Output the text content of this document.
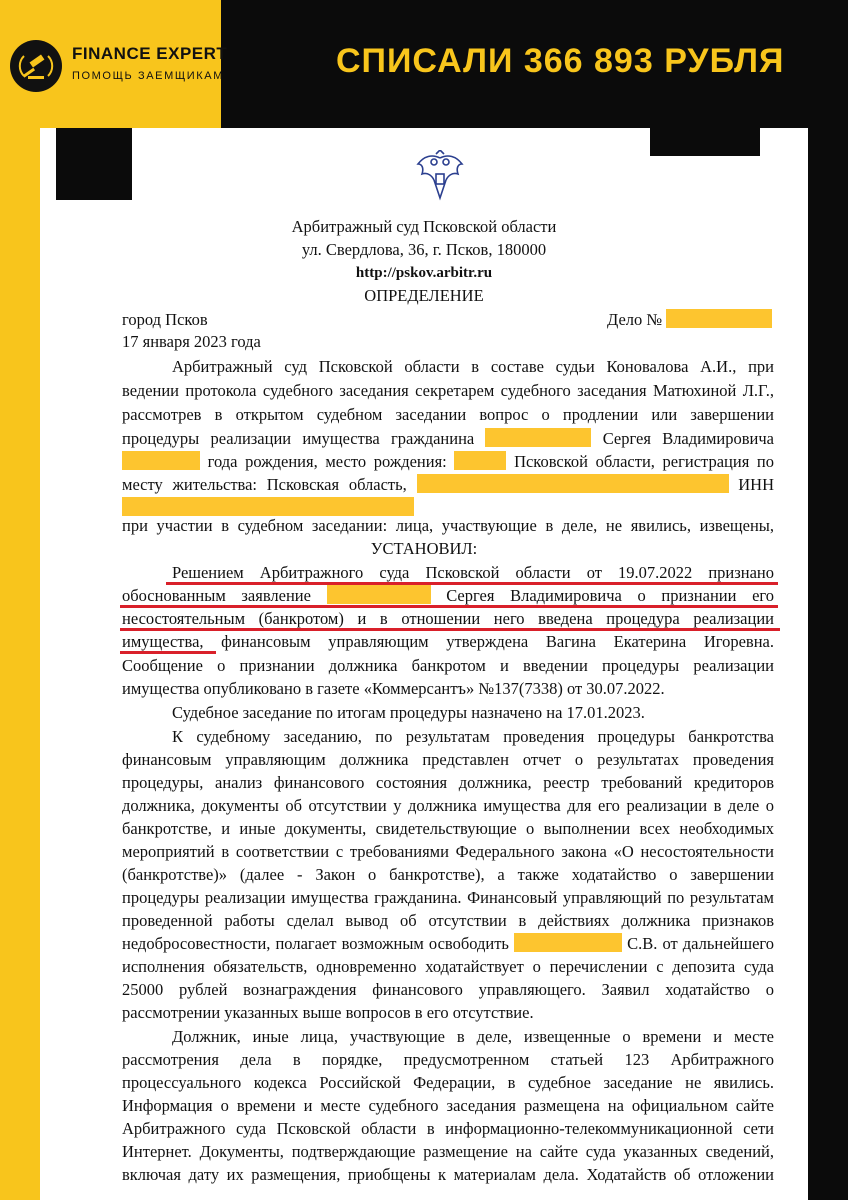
FINANCE EXPERT
ПОМОЩЬ ЗАЕМЩИКАМ	СПИСАЛИ 366 893 РУБЛЯ
Арбитражный суд Псковской области
ул. Свердлова, 36, г. Псков, 180000
http://pskov.arbitr.ru
ОПРЕДЕЛЕНИЕ
город Псков	Дело №
17 января 2023 года
Арбитражный суд Псковской области в составе судьи Коновалова А.И., при
ведении протокола судебного заседания секретарем судебного заседания Матюхиной Л.Г.,
рассмотрев в открытом судебном заседании вопрос о продлении или завершении
процедуры реализации имущества гражданина	Сергея Владимировича
года рождения, место рождения:	Псковской области, регистрация по
месту жительства: Псковская область,	ИНН
при участии в судебном заседании: лица, участвующие в деле, не явились, извещены,
УСТАНОВИЛ:
Решением Арбитражного суда Псковской области от 19.07.2022 признано
обоснованным заявление	Сергея Владимировича о признании его
несостоятельным (банкротом) и в отношении него введена процедура реализации
имущества, финансовым управляющим утверждена Вагина Екатерина Игоревна.
Сообщение о признании должника банкротом и введении процедуры реализации
имущества опубликовано в газете «Коммерсантъ» №137(7338) от 30.07.2022.
Судебное заседание по итогам процедуры назначено на 17.01.2023.
К судебному заседанию, по результатам проведения процедуры банкротства
финансовым управляющим должника представлен отчет о результатах проведения
процедуры, анализ финансового состояния должника, реестр требований кредиторов
должника, документы об отсутствии у должника имущества для его реализации в деле о
банкротстве, и иные документы, свидетельствующие о выполнении всех необходимых
мероприятий в соответствии с требованиями Федерального закона «О несостоятельности
(банкротстве)» (далее - Закон о банкротстве), а также ходатайство о завершении
процедуры реализации имущества гражданина. Финансовый управляющий по результатам
проведенной работы сделал вывод об отсутствии в действиях должника признаков
недобросовестности, полагает возможным освободить	С.В. от дальнейшего
исполнения обязательств, одновременно ходатайствует о перечислении с депозита суда
25000 рублей вознаграждения финансового управляющего. Заявил ходатайство о
рассмотрении указанных выше вопросов в его отсутствие.
Должник, иные лица, участвующие в деле, извещенные о времени и месте
рассмотрения дела в порядке, предусмотренном статьей 123 Арбитражного
процессуального кодекса Российской Федерации, в судебное заседание не явились.
Информация о времени и месте судебного заседания размещена на официальном сайте
Арбитражного суда Псковской области в информационно-телекоммуникационной сети
Интернет. Документы, подтверждающие размещение на сайте суда указанных сведений,
включая дату их размещения, приобщены к материалам дела. Ходатайств об отложении
